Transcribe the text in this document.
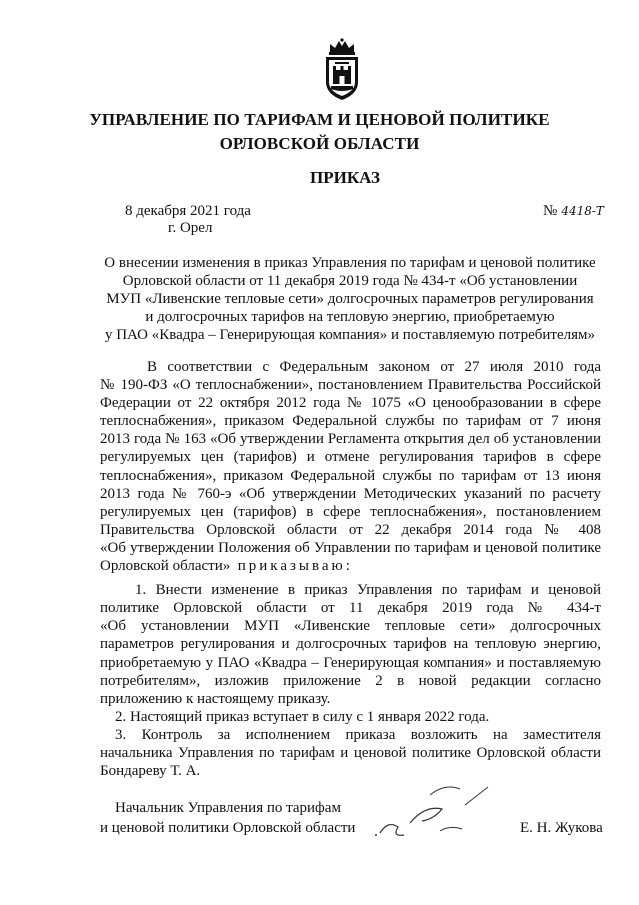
УПРАВЛЕНИЕ ПО ТАРИФАМ И ЦЕНОВОЙ ПОЛИТИКЕ
ОРЛОВСКОЙ ОБЛАСТИ
ПРИКАЗ
8 декабря 2021 года
г. Орел
№ 4418-Т
О внесении изменения в приказ Управления по тарифам и ценовой политике
Орловской области от 11 декабря 2019 года № 434-т «Об установлении
МУП «Ливенские тепловые сети» долгосрочных параметров регулирования
и долгосрочных тарифов на тепловую энергию, приобретаемую
у ПАО «Квадра – Генерирующая компания» и поставляемую потребителям»
В соответствии с Федеральным законом от 27 июля 2010 года
№ 190-ФЗ «О теплоснабжении», постановлением Правительства Российской
Федерации от 22 октября 2012 года № 1075 «О ценообразовании в сфере
теплоснабжения», приказом Федеральной службы по тарифам от 7 июня
2013 года № 163 «Об утверждении Регламента открытия дел об установлении
регулируемых цен (тарифов) и отмене регулирования тарифов в сфере
теплоснабжения», приказом Федеральной службы по тарифам от 13 июня
2013 года № 760-э «Об утверждении Методических указаний по расчету
регулируемых цен (тарифов) в сфере теплоснабжения», постановлением
Правительства Орловской области от 22 декабря 2014 года № 408
«Об утверждении Положения об Управлении по тарифам и ценовой политике
Орловской области» приказываю:
1. Внести изменение в приказ Управления по тарифам и ценовой
политике Орловской области от 11 декабря 2019 года № 434-т
«Об установлении МУП «Ливенские тепловые сети» долгосрочных
параметров регулирования и долгосрочных тарифов на тепловую энергию,
приобретаемую у ПАО «Квадра – Генерирующая компания» и поставляемую
потребителям», изложив приложение 2 в новой редакции согласно
приложению к настоящему приказу.
2. Настоящий приказ вступает в силу с 1 января 2022 года.
3. Контроль за исполнением приказа возложить на заместителя
начальника Управления по тарифам и ценовой политике Орловской области
Бондареву Т. А.
Начальник Управления по тарифам
и ценовой политики Орловской области	Е. Н. Жукова
